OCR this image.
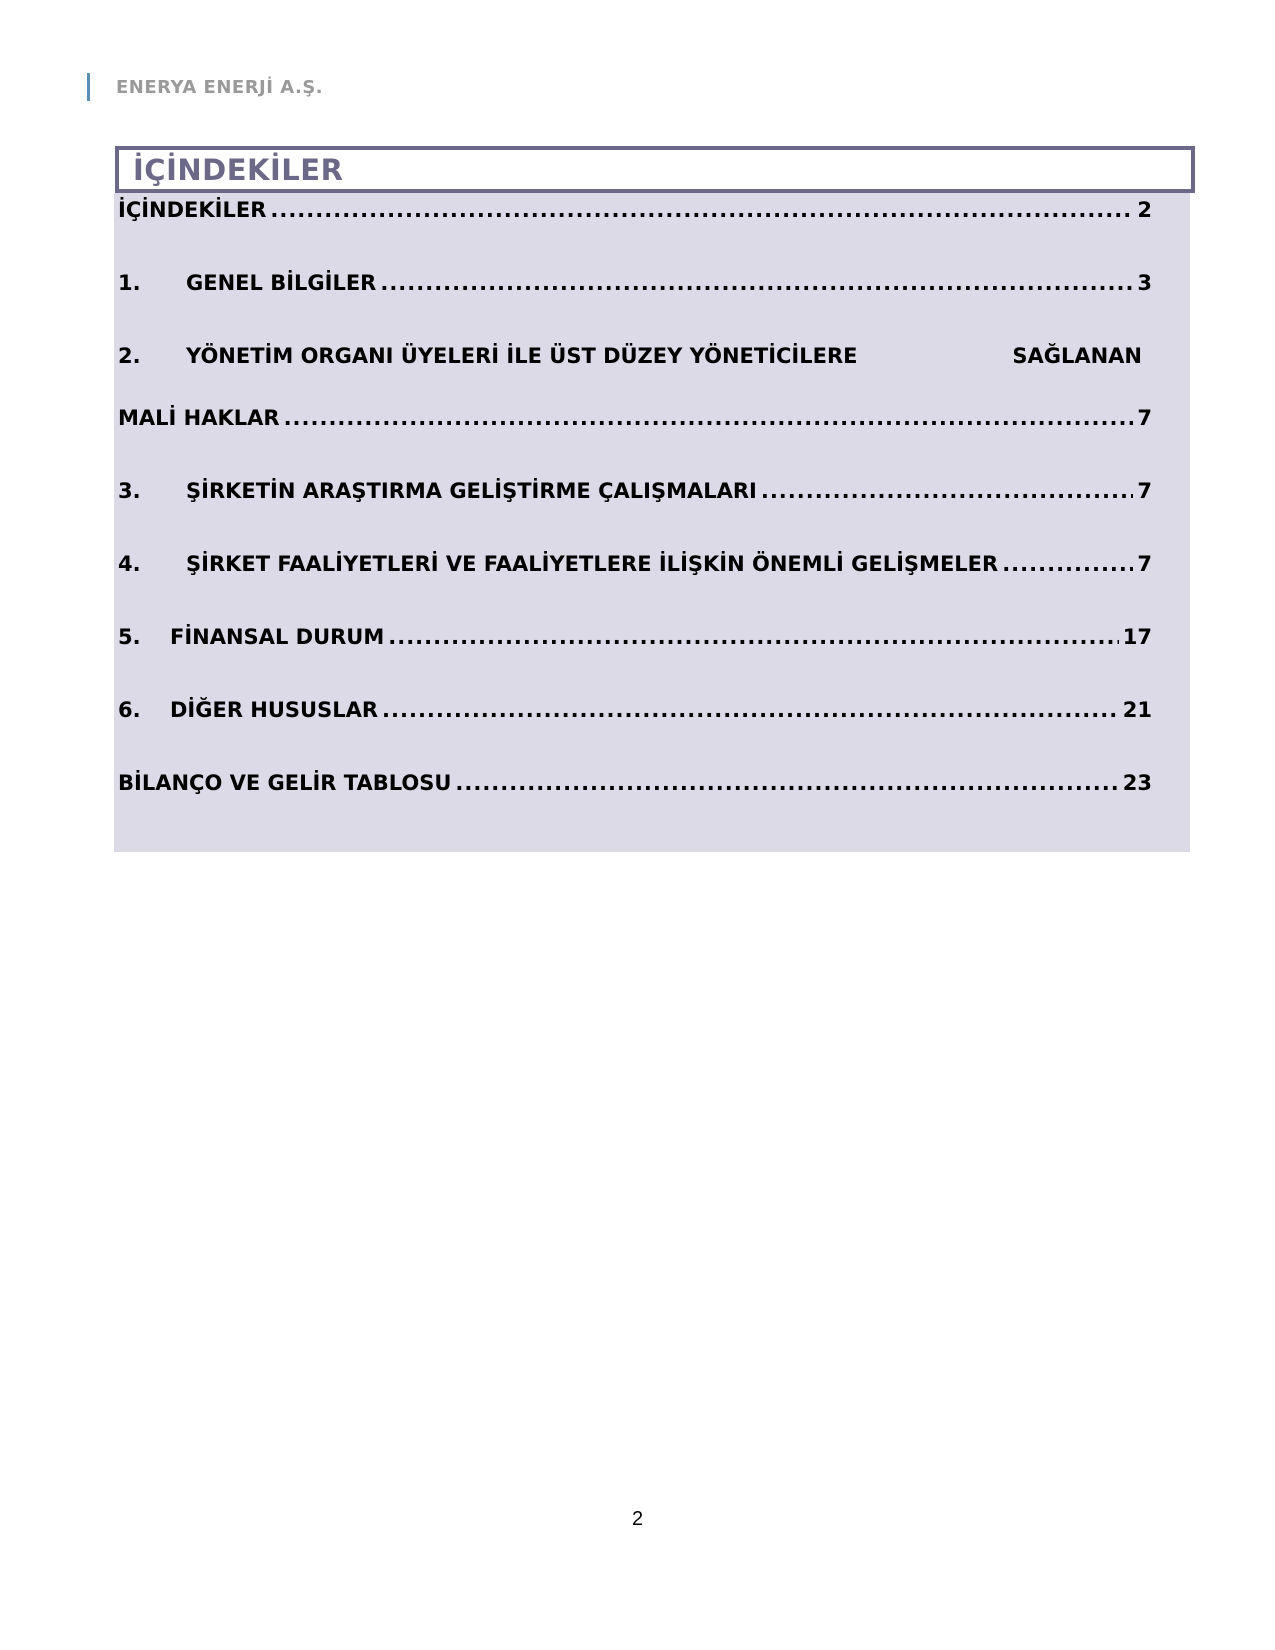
ENERYA ENERJİ A.Ş.
İÇİNDEKİLER
İÇİNDEKİLER .....	2
1.	GENEL BİLGİLER .....	3
2.	YÖNETİM ORGANI ÜYELERİ İLE ÜST DÜZEY YÖNETİCİLERE	SAĞLANAN
MALİ HAKLAR .....	7
3.	ŞİRKETİN ARAŞTIRMA GELİŞTİRME ÇALIŞMALARI .....	7
4.	ŞİRKET FAALİYETLERİ VE FAALİYETLERE İLİŞKİN ÖNEMLİ GELİŞMELER .....	7
5.	FİNANSAL DURUM .....	17
6.	DİĞER HUSUSLAR .....	21
BİLANÇO VE GELİR TABLOSU .....	23
2
